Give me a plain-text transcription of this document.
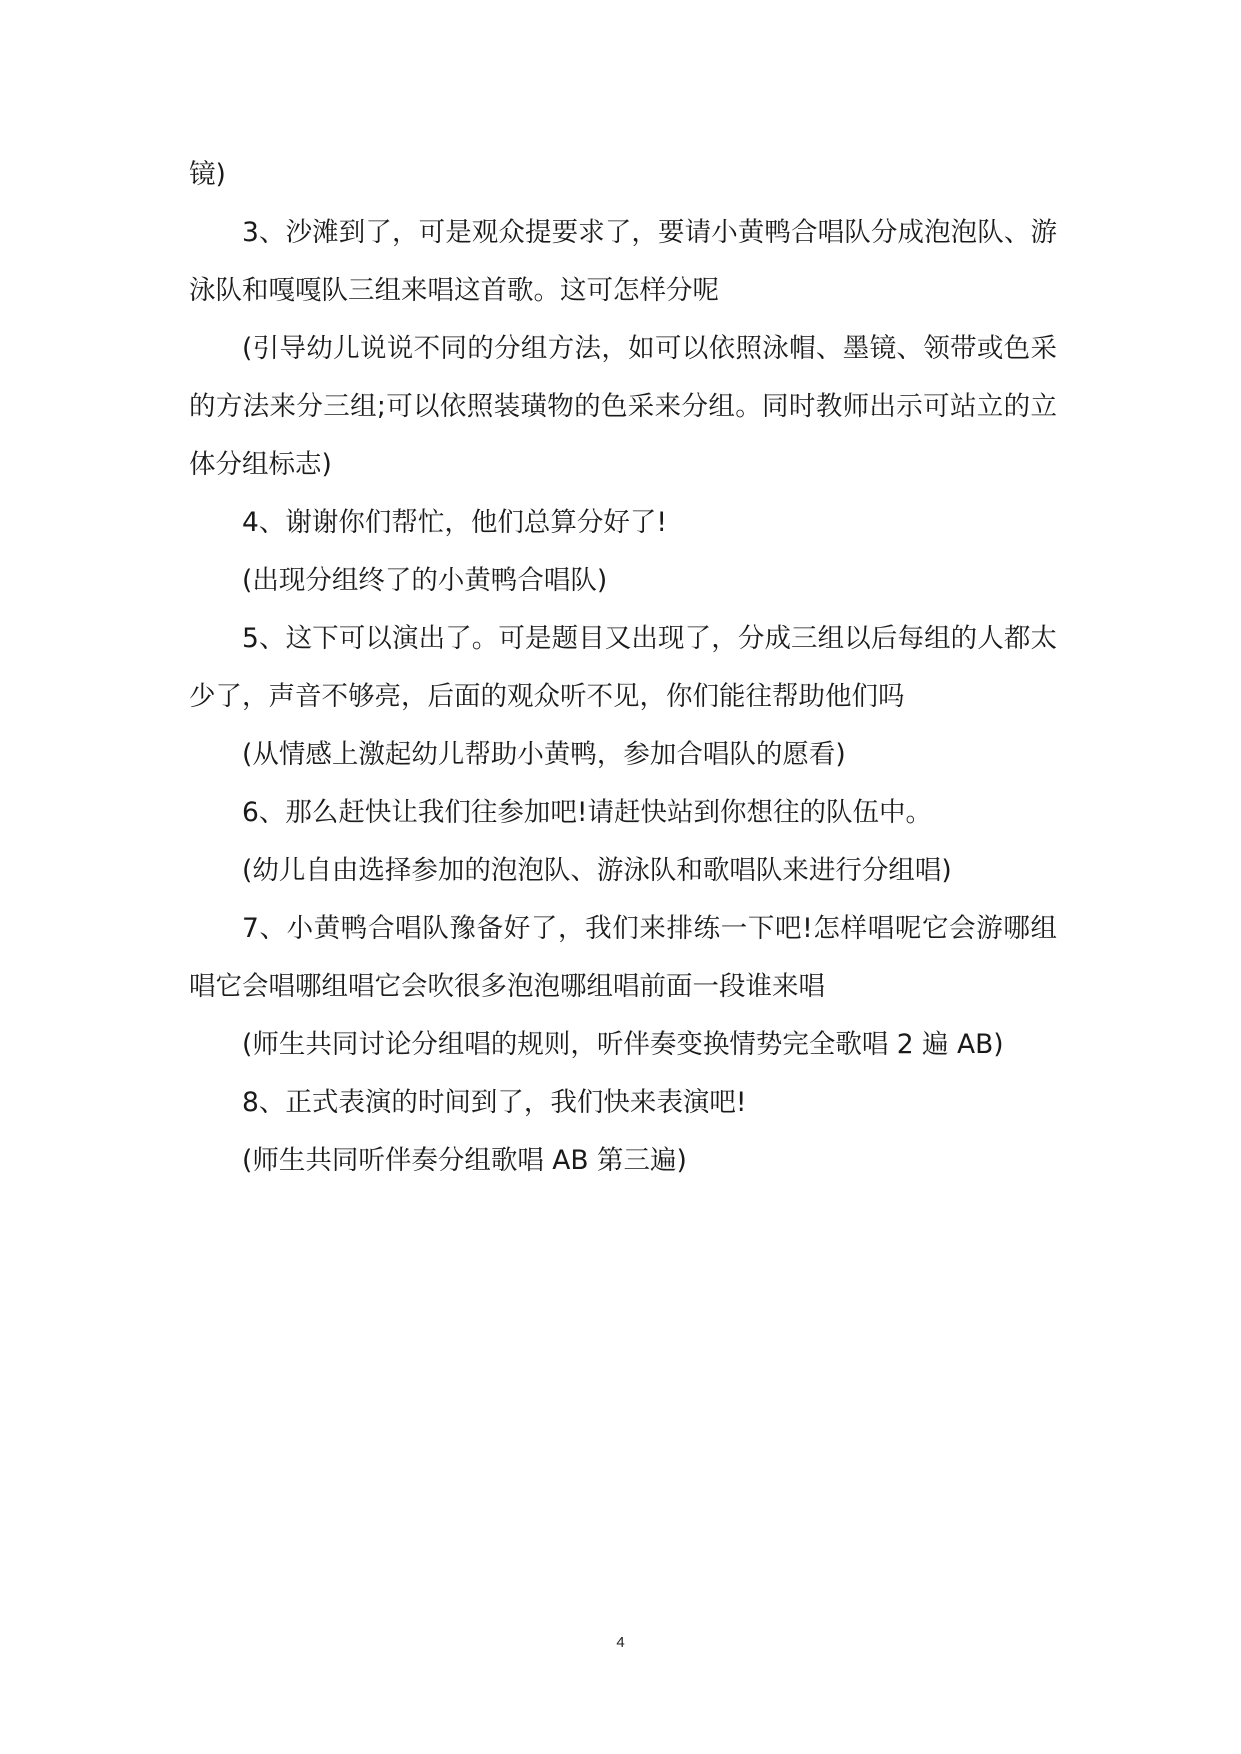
镜)

3、沙滩到了，可是观众提要求了，要请小黄鸭合唱队分成泡泡队、游泳队和嘎嘎队三组来唱这首歌。这可怎样分呢

(引导幼儿说说不同的分组方法，如可以依照泳帽、墨镜、领带或色采的方法来分三组;可以依照装璜物的色采来分组。同时教师出示可站立的立体分组标志)

4、谢谢你们帮忙，他们总算分好了!

(出现分组终了的小黄鸭合唱队)

5、这下可以演出了。可是题目又出现了，分成三组以后每组的人都太少了，声音不够亮，后面的观众听不见，你们能往帮助他们吗

(从情感上激起幼儿帮助小黄鸭，参加合唱队的愿看)

6、那么赶快让我们往参加吧!请赶快站到你想往的队伍中。

(幼儿自由选择参加的泡泡队、游泳队和歌唱队来进行分组唱)

7、小黄鸭合唱队豫备好了，我们来排练一下吧!怎样唱呢它会游哪组唱它会唱哪组唱它会吹很多泡泡哪组唱前面一段谁来唱

(师生共同讨论分组唱的规则，听伴奏变换情势完全歌唱 2 遍 AB)

8、正式表演的时间到了，我们快来表演吧!

(师生共同听伴奏分组歌唱 AB 第三遍)

4
